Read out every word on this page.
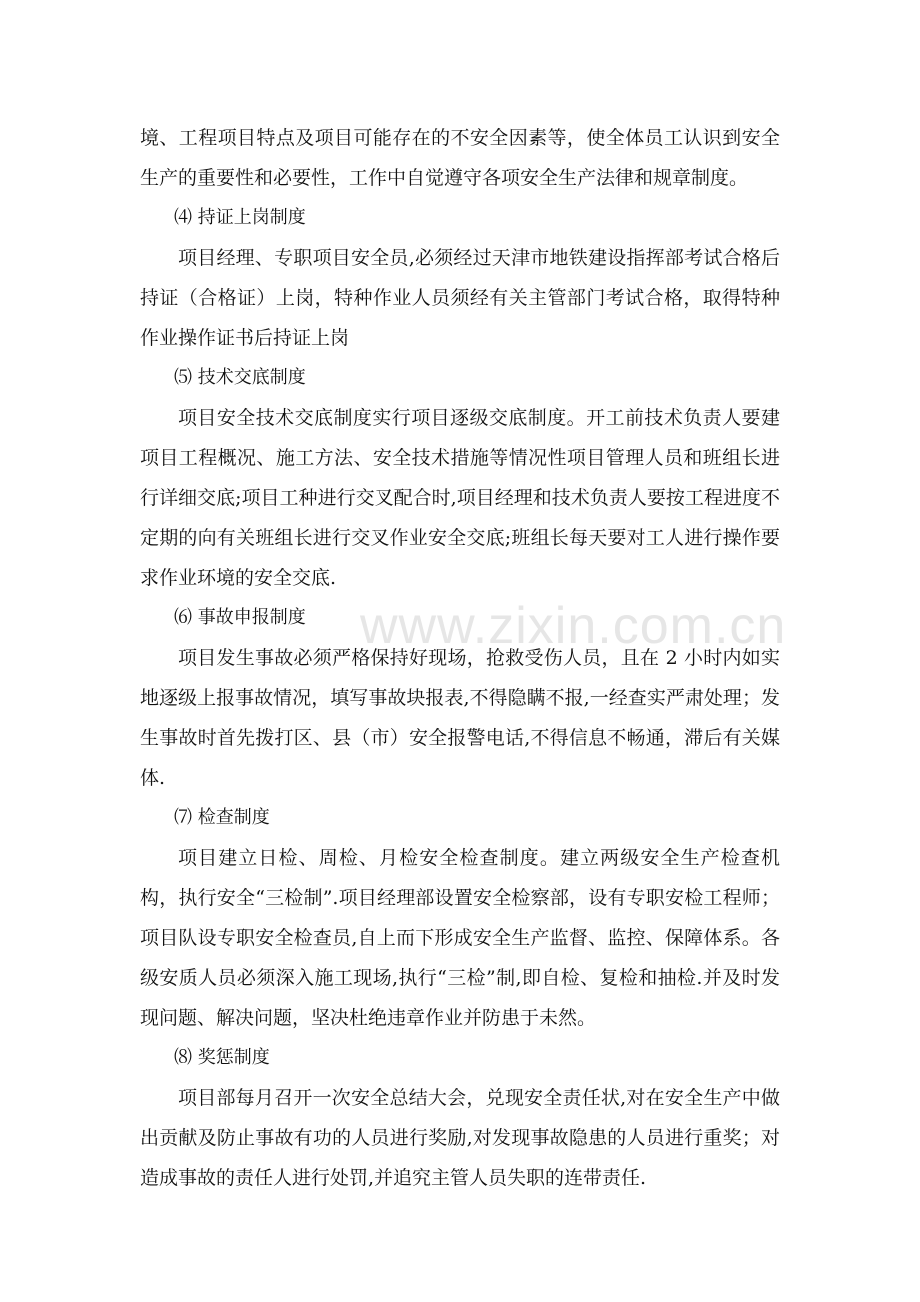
www.zixin.com.cn

境、工程项目特点及项目可能存在的不安全因素等，使全体员工认识到安全生产的重要性和必要性，工作中自觉遵守各项安全生产法律和规章制度。

⑷ 持证上岗制度

项目经理、专职项目安全员,必须经过天津市地铁建设指挥部考试合格后持证（合格证）上岗，特种作业人员须经有关主管部门考试合格，取得特种作业操作证书后持证上岗

⑸ 技术交底制度

项目安全技术交底制度实行项目逐级交底制度。开工前技术负责人要建项目工程概况、施工方法、安全技术措施等情况性项目管理人员和班组长进行详细交底;项目工种进行交叉配合时,项目经理和技术负责人要按工程进度不定期的向有关班组长进行交叉作业安全交底;班组长每天要对工人进行操作要求作业环境的安全交底.

⑹ 事故申报制度

项目发生事故必须严格保持好现场，抢救受伤人员，且在 2 小时内如实地逐级上报事故情况，填写事故块报表,不得隐瞒不报,一经查实严肃处理；发生事故时首先拨打区、县（市）安全报警电话,不得信息不畅通，滞后有关媒体.

⑺ 检查制度

项目建立日检、周检、月检安全检查制度。建立两级安全生产检查机构，执行安全“三检制”.项目经理部设置安全检察部，设有专职安检工程师；项目队设专职安全检查员,自上而下形成安全生产监督、监控、保障体系。各级安质人员必须深入施工现场,执行“三检”制,即自检、复检和抽检.并及时发现问题、解决问题，坚决杜绝违章作业并防患于未然。

⑻ 奖惩制度

项目部每月召开一次安全总结大会，兑现安全责任状,对在安全生产中做出贡献及防止事故有功的人员进行奖励,对发现事故隐患的人员进行重奖；对造成事故的责任人进行处罚,并追究主管人员失职的连带责任.
